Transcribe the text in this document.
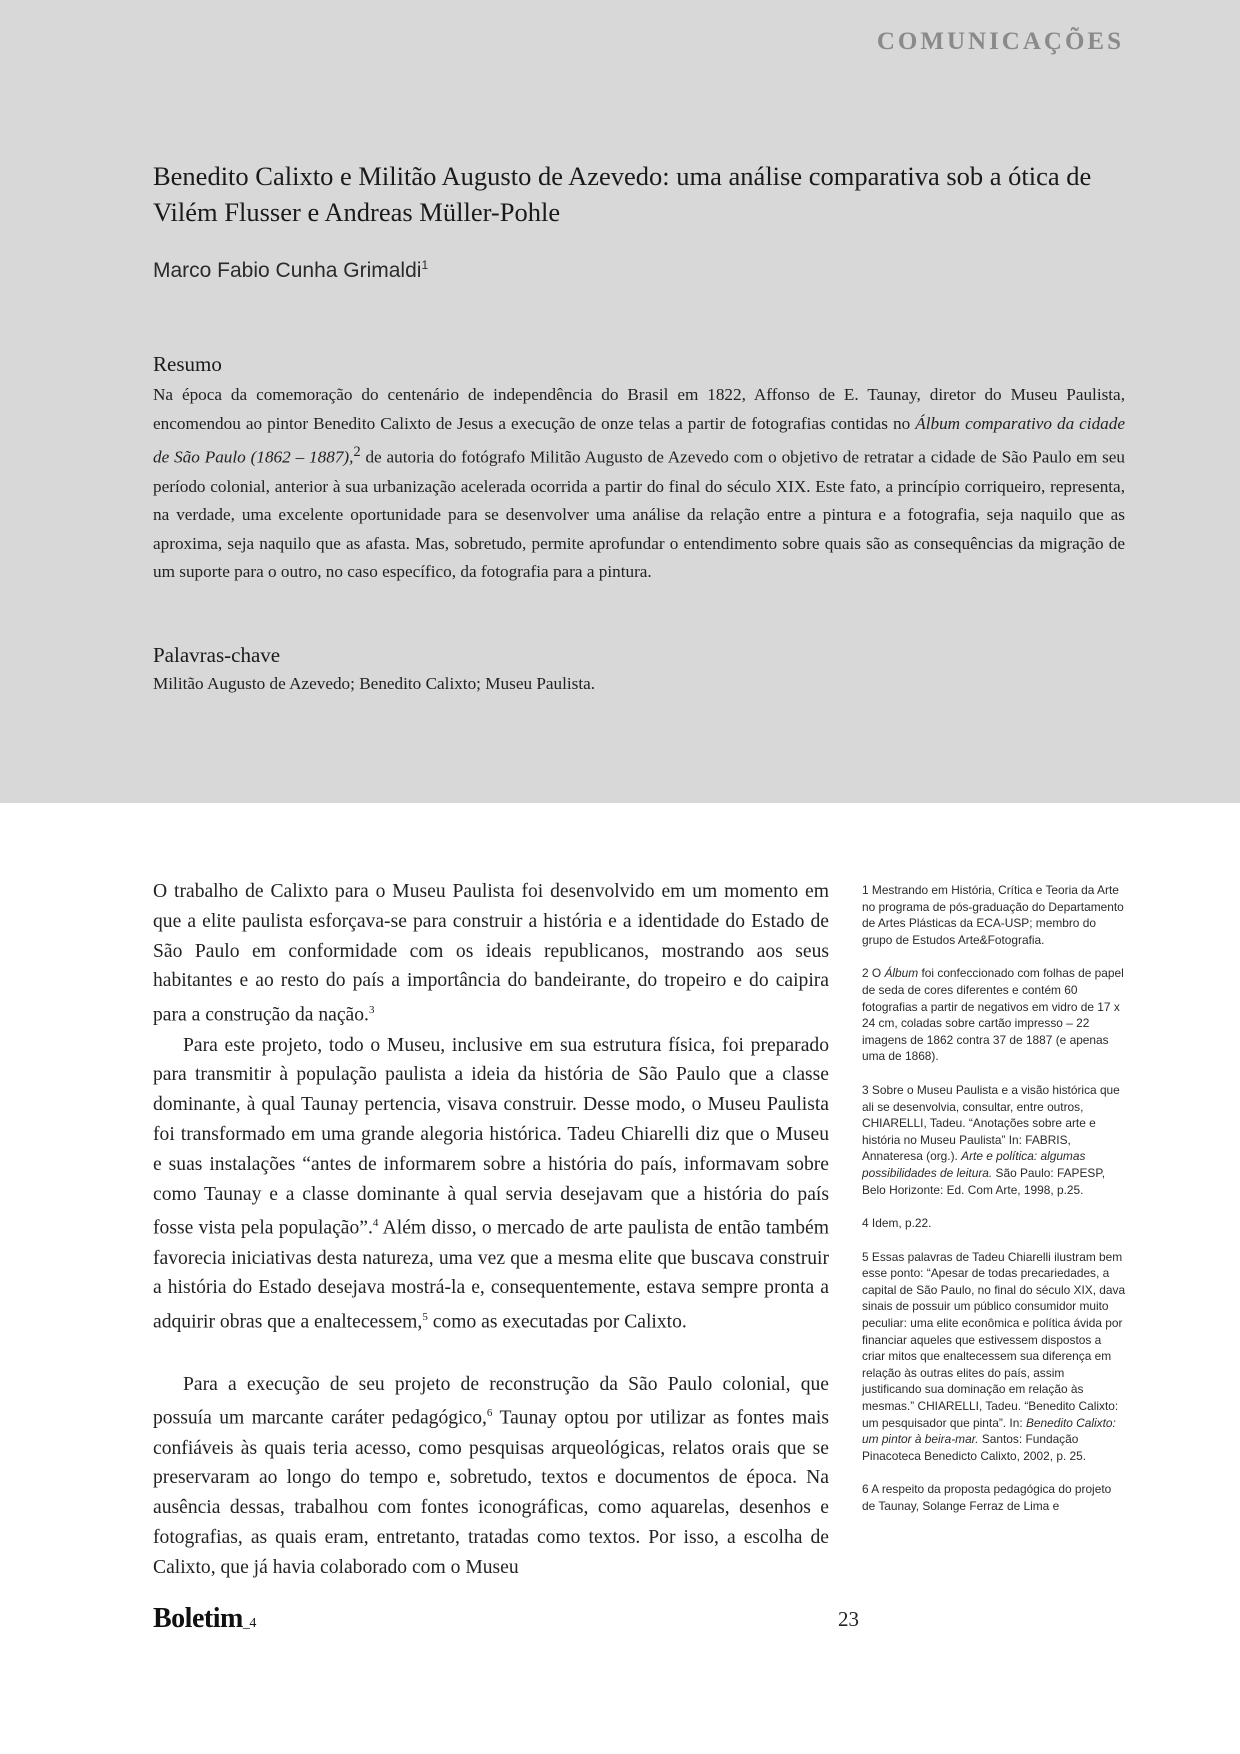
COMUNICAÇÕES
Benedito Calixto e Militão Augusto de Azevedo: uma análise comparativa sob a ótica de Vilém Flusser e Andreas Müller-Pohle
Marco Fabio Cunha Grimaldi$^1$
Resumo

Na época da comemoração do centenário de independência do Brasil em 1822, Affonso de E. Taunay, diretor do Museu Paulista, encomendou ao pintor Benedito Calixto de Jesus a execução de onze telas a partir de fotografias contidas no Álbum comparativo da cidade de São Paulo (1862 – 1887),$^2$ de autoria do fotógrafo Militão Augusto de Azevedo com o objetivo de retratar a cidade de São Paulo em seu período colonial, anterior à sua urbanização acelerada ocorrida a partir do final do século XIX. Este fato, a princípio corriqueiro, representa, na verdade, uma excelente oportunidade para se desenvolver uma análise da relação entre a pintura e a fotografia, seja naquilo que as aproxima, seja naquilo que as afasta. Mas, sobretudo, permite aprofundar o entendimento sobre quais são as consequências da migração de um suporte para o outro, no caso específico, da fotografia para a pintura.

Palavras-chave

Militão Augusto de Azevedo; Benedito Calixto; Museu Paulista.

O trabalho de Calixto para o Museu Paulista foi desenvolvido em um momento em que a elite paulista esforçava-se para construir a história e a identidade do Estado de São Paulo em conformidade com os ideais republicanos, mostrando aos seus habitantes e ao resto do país a importância do bandeirante, do tropeiro e do caipira para a construção da nação.$^3$

Para este projeto, todo o Museu, inclusive em sua estrutura física, foi preparado para transmitir à população paulista a ideia da história de São Paulo que a classe dominante, à qual Taunay pertencia, visava construir. Desse modo, o Museu Paulista foi transformado em uma grande alegoria histórica. Tadeu Chiarelli diz que o Museu e suas instalações “antes de informarem sobre a história do país, informavam sobre como Taunay e a classe dominante à qual servia desejavam que a história do país fosse vista pela população”.$^4$ Além disso, o mercado de arte paulista de então também favorecia iniciativas desta natureza, uma vez que a mesma elite que buscava construir a história do Estado desejava mostrá-la e, consequentemente, estava sempre pronta a adquirir obras que a enaltecessem,$^5$ como as executadas por Calixto.

Para a execução de seu projeto de reconstrução da São Paulo colonial, que possuía um marcante caráter pedagógico,$^6$ Taunay optou por utilizar as fontes mais confiáveis às quais teria acesso, como pesquisas arqueológicas, relatos orais que se preservaram ao longo do tempo e, sobretudo, textos e documentos de época. Na ausência dessas, trabalhou com fontes iconográficas, como aquarelas, desenhos e fotografias, as quais eram, entretanto, tratadas como textos. Por isso, a escolha de Calixto, que já havia colaborado com o Museu

1 Mestrando em História, Crítica e Teoria da Arte no programa de pós-graduação do Departamento de Artes Plásticas da ECA-USP; membro do grupo de Estudos Arte&Fotografia.

2 O Álbum foi confeccionado com folhas de papel de seda de cores diferentes e contém 60 fotografias a partir de negativos em vidro de 17 x 24 cm, coladas sobre cartão impresso – 22 imagens de 1862 contra 37 de 1887 (e apenas uma de 1868).

3 Sobre o Museu Paulista e a visão histórica que ali se desenvolvia, consultar, entre outros, CHIARELLI, Tadeu. “Anotações sobre arte e história no Museu Paulista” In: FABRIS, Annateresa (org.). Arte e política: algumas possibilidades de leitura. São Paulo: FAPESP, Belo Horizonte: Ed. Com Arte, 1998, p.25.

4 Idem, p.22.

5 Essas palavras de Tadeu Chiarelli ilustram bem esse ponto: “Apesar de todas precariedades, a capital de São Paulo, no final do século XIX, dava sinais de possuir um público consumidor muito peculiar: uma elite econômica e política ávida por financiar aqueles que estivessem dispostos a criar mitos que enaltecessem sua diferença em relação às outras elites do país, assim justificando sua dominação em relação às mesmas.” CHIARELLI, Tadeu. “Benedito Calixto: um pesquisador que pinta”. In: Benedito Calixto: um pintor à beira-mar. Santos: Fundação Pinacoteca Benedicto Calixto, 2002, p. 25.

6 A respeito da proposta pedagógica do projeto de Taunay, Solange Ferraz de Lima e

Boletim_4	23
